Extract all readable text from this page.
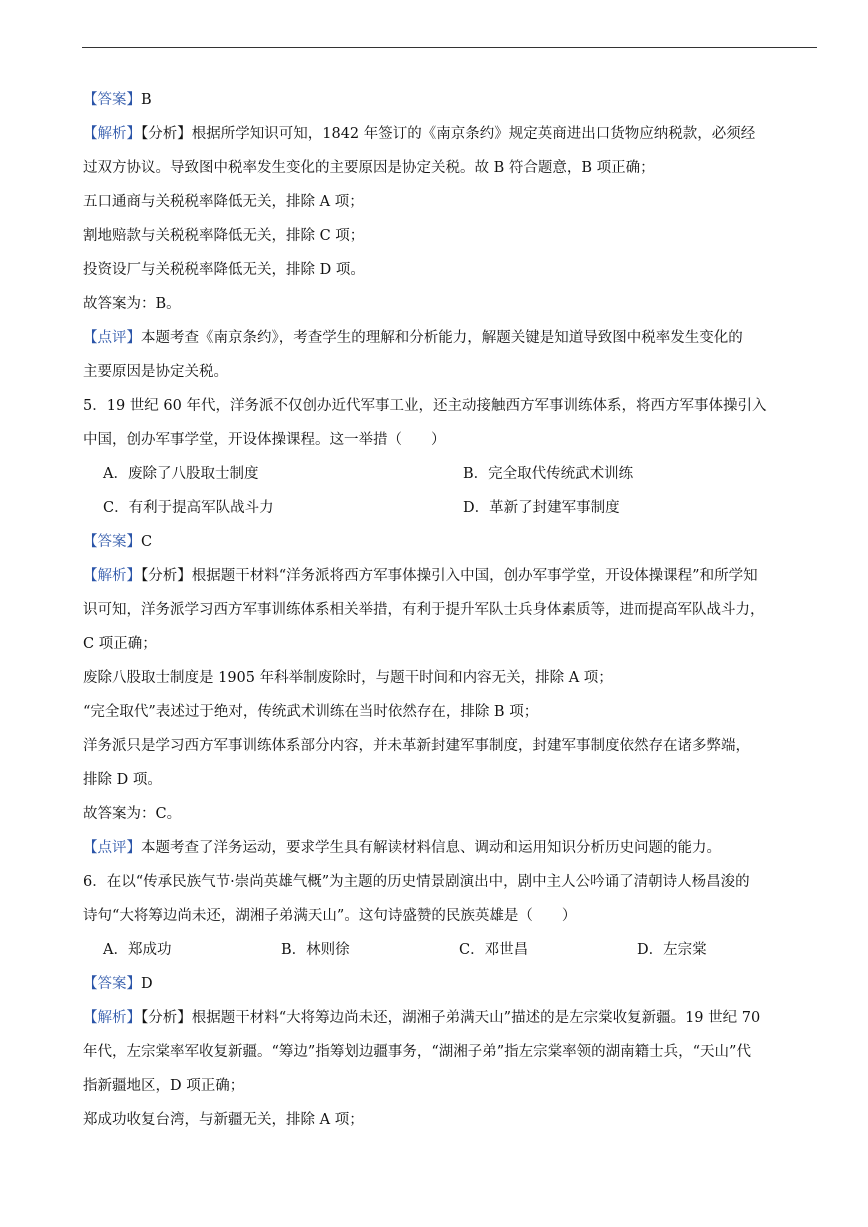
【答案】B
【解析】【分析】根据所学知识可知，1842 年签订的《南京条约》规定英商进出口货物应纳税款，必须经
过双方协议。导致图中税率发生变化的主要原因是协定关税。故 B 符合题意，B 项正确；
五口通商与关税税率降低无关，排除 A 项；
割地赔款与关税税率降低无关，排除 C 项；
投资设厂与关税税率降低无关，排除 D 项。
故答案为：B。
【点评】本题考查《南京条约》，考查学生的理解和分析能力，解题关键是知道导致图中税率发生变化的
主要原因是协定关税。
5．19 世纪 60 年代，洋务派不仅创办近代军事工业，还主动接触西方军事训练体系，将西方军事体操引入
中国，创办军事学堂，开设体操课程。这一举措（　　）
A．废除了八股取士制度	B．完全取代传统武术训练
C．有利于提高军队战斗力	D．革新了封建军事制度
【答案】C
【解析】【分析】根据题干材料“洋务派将西方军事体操引入中国，创办军事学堂，开设体操课程”和所学知
识可知，洋务派学习西方军事训练体系相关举措，有利于提升军队士兵身体素质等，进而提高军队战斗力，
C 项正确；
废除八股取士制度是 1905 年科举制废除时，与题干时间和内容无关，排除 A 项；
“完全取代”表述过于绝对，传统武术训练在当时依然存在，排除 B 项；
洋务派只是学习西方军事训练体系部分内容，并未革新封建军事制度，封建军事制度依然存在诸多弊端，
排除 D 项。
故答案为：C。
【点评】本题考查了洋务运动，要求学生具有解读材料信息、调动和运用知识分析历史问题的能力。
6．在以“传承民族气节·崇尚英雄气概”为主题的历史情景剧演出中，剧中主人公吟诵了清朝诗人杨昌浚的
诗句“大将筹边尚未还，湖湘子弟满天山”。这句诗盛赞的民族英雄是（　　）
A．郑成功	B．林则徐	C．邓世昌	D．左宗棠
【答案】D
【解析】【分析】根据题干材料“大将筹边尚未还，湖湘子弟满天山”描述的是左宗棠收复新疆。19 世纪 70
年代，左宗棠率军收复新疆。“筹边”指筹划边疆事务，“湖湘子弟”指左宗棠率领的湖南籍士兵，“天山”代
指新疆地区，D 项正确；
郑成功收复台湾，与新疆无关，排除 A 项；
